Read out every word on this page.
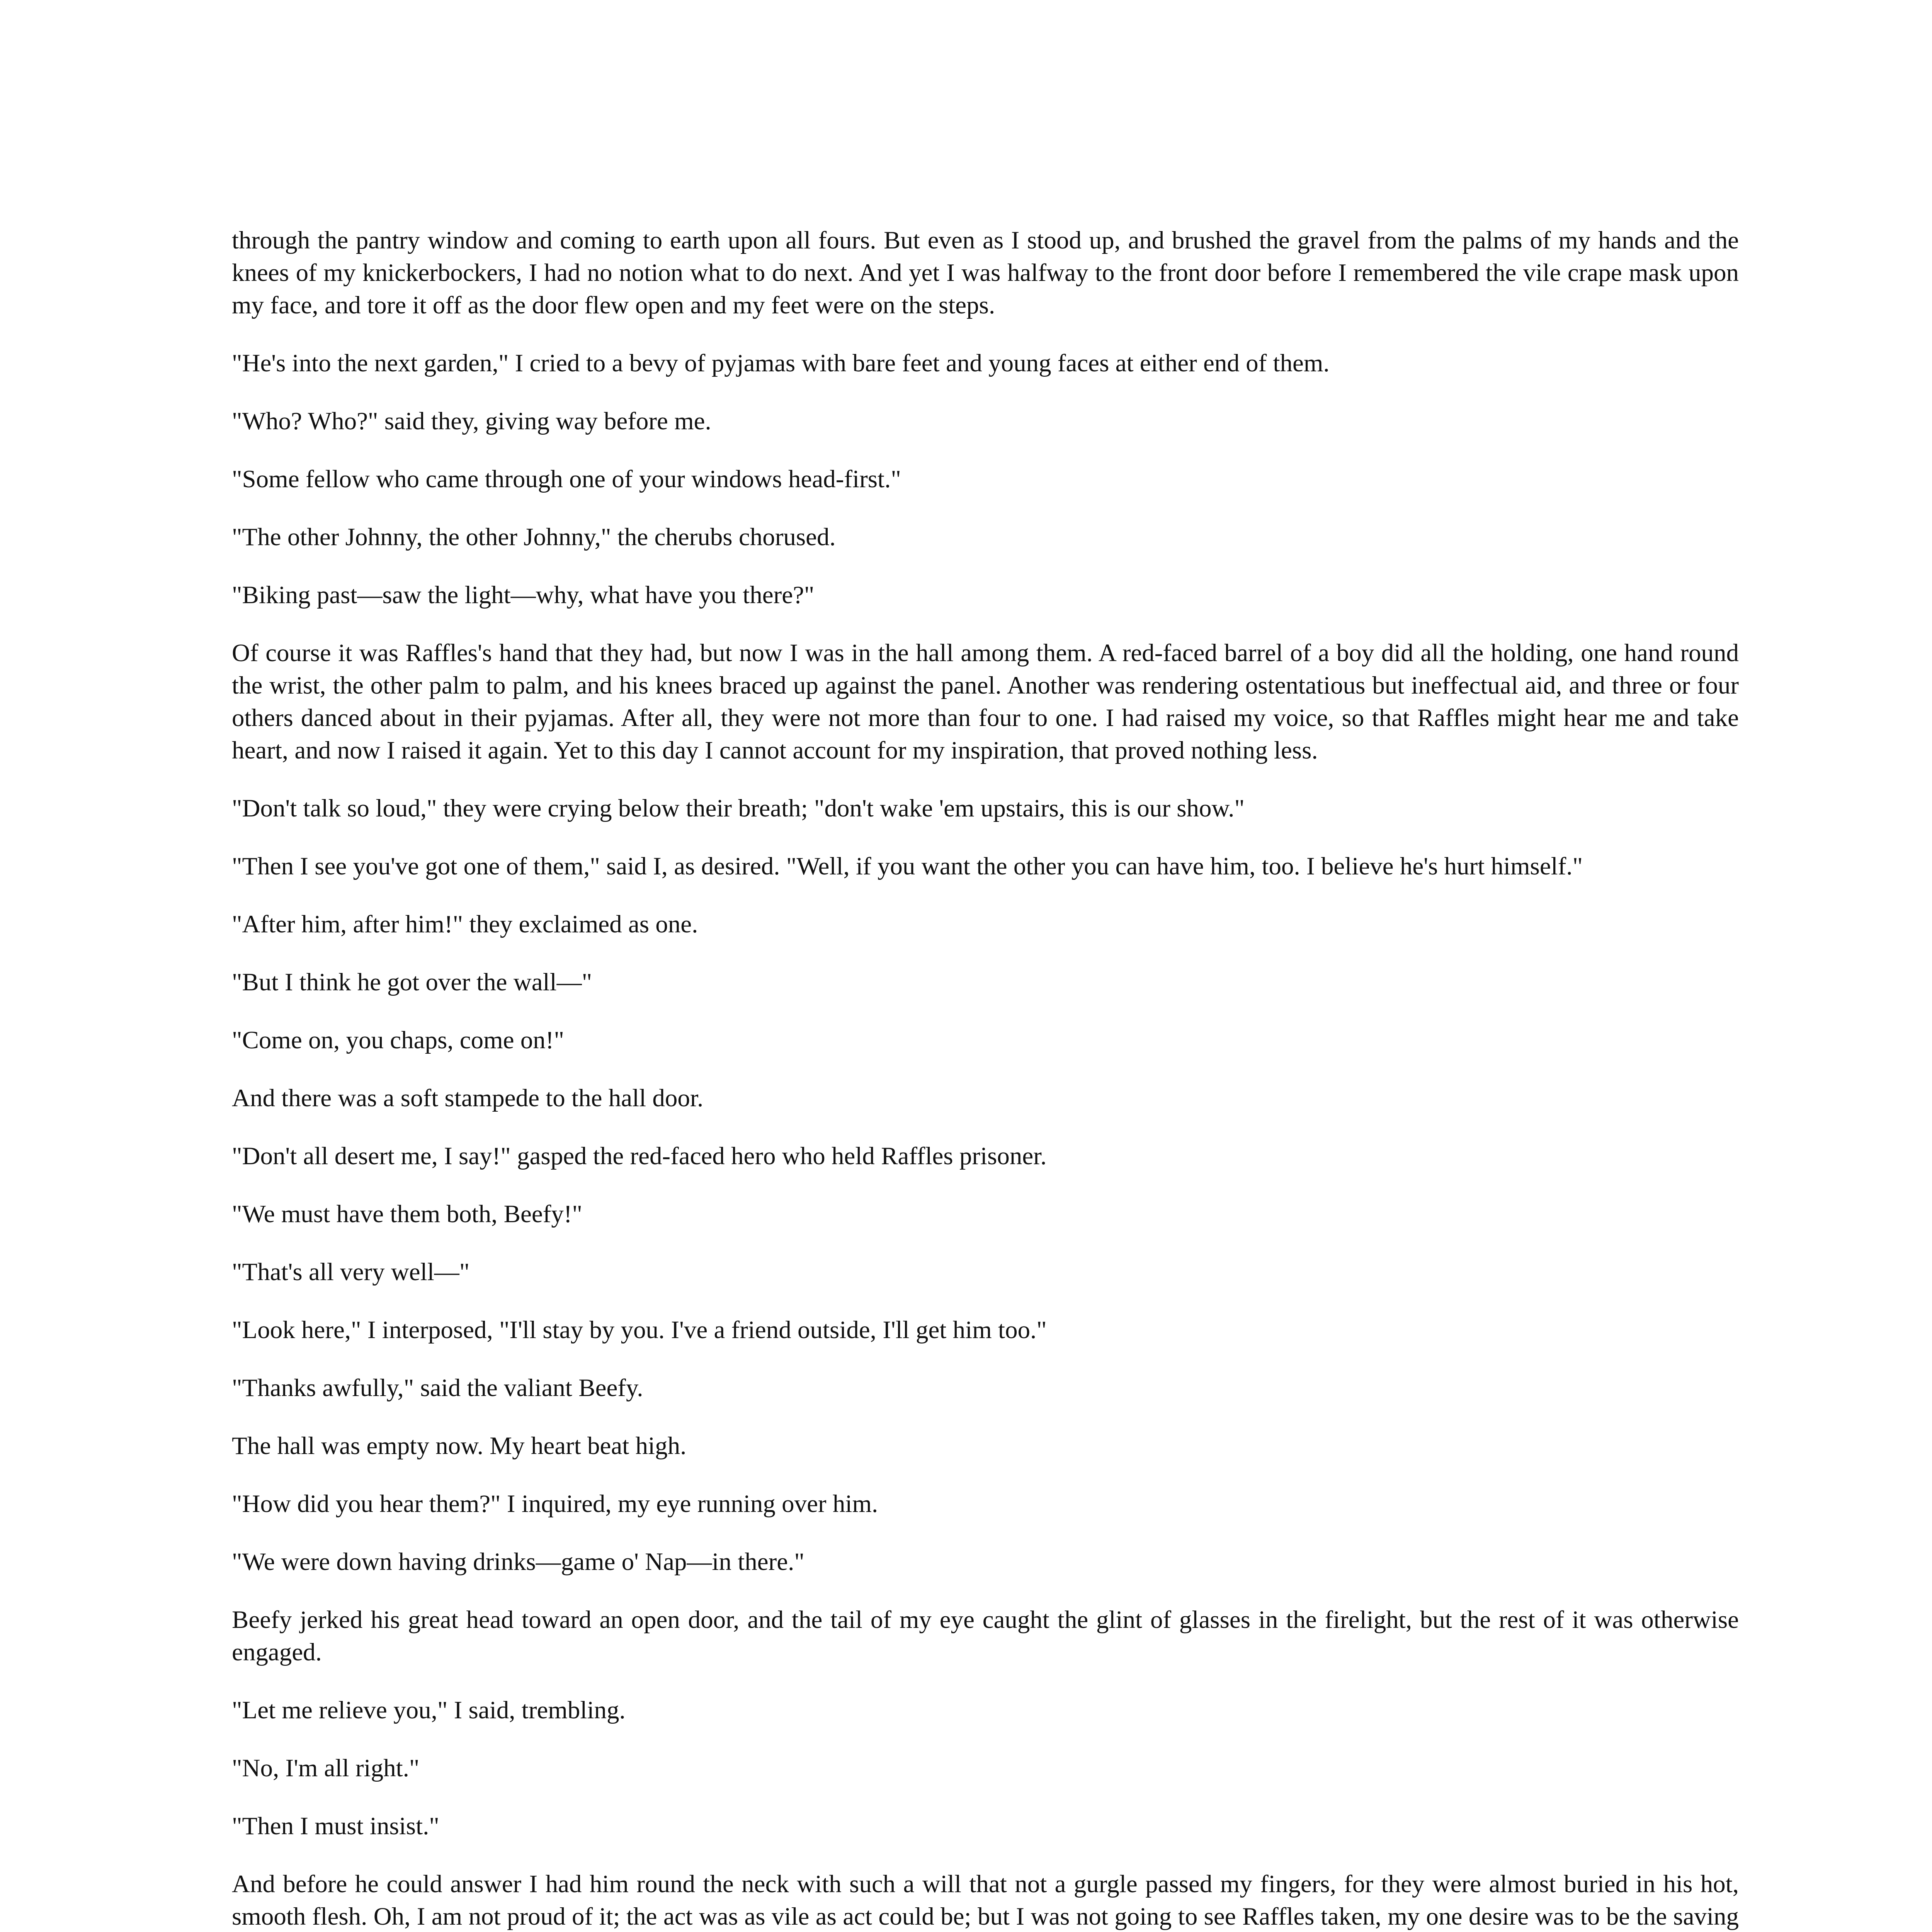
through the pantry window and coming to earth upon all fours. But even as I stood up, and brushed the gravel from the palms of my hands and the knees of my knickerbockers, I had no notion what to do next. And yet I was halfway to the front door before I remembered the vile crape mask upon my face, and tore it off as the door flew open and my feet were on the steps.

"He's into the next garden," I cried to a bevy of pyjamas with bare feet and young faces at either end of them.

"Who? Who?" said they, giving way before me.

"Some fellow who came through one of your windows head-first."

"The other Johnny, the other Johnny," the cherubs chorused.

"Biking past—saw the light—why, what have you there?"

Of course it was Raffles's hand that they had, but now I was in the hall among them. A red-faced barrel of a boy did all the holding, one hand round the wrist, the other palm to palm, and his knees braced up against the panel. Another was rendering ostentatious but ineffectual aid, and three or four others danced about in their pyjamas. After all, they were not more than four to one. I had raised my voice, so that Raffles might hear me and take heart, and now I raised it again. Yet to this day I cannot account for my inspiration, that proved nothing less.

"Don't talk so loud," they were crying below their breath; "don't wake 'em upstairs, this is our show."

"Then I see you've got one of them," said I, as desired. "Well, if you want the other you can have him, too. I believe he's hurt himself."

"After him, after him!" they exclaimed as one.

"But I think he got over the wall—"

"Come on, you chaps, come on!"

And there was a soft stampede to the hall door.

"Don't all desert me, I say!" gasped the red-faced hero who held Raffles prisoner.

"We must have them both, Beefy!"

"That's all very well—"

"Look here," I interposed, "I'll stay by you. I've a friend outside, I'll get him too."

"Thanks awfully," said the valiant Beefy.

The hall was empty now. My heart beat high.

"How did you hear them?" I inquired, my eye running over him.

"We were down having drinks—game o' Nap—in there."

Beefy jerked his great head toward an open door, and the tail of my eye caught the glint of glasses in the firelight, but the rest of it was otherwise engaged.

"Let me relieve you," I said, trembling.

"No, I'm all right."

"Then I must insist."

And before he could answer I had him round the neck with such a will that not a gurgle passed my fingers, for they were almost buried in his hot, smooth flesh. Oh, I am not proud of it; the act was as vile as act could be; but I was not going to see Raffles taken, my one desire was to be the saving
